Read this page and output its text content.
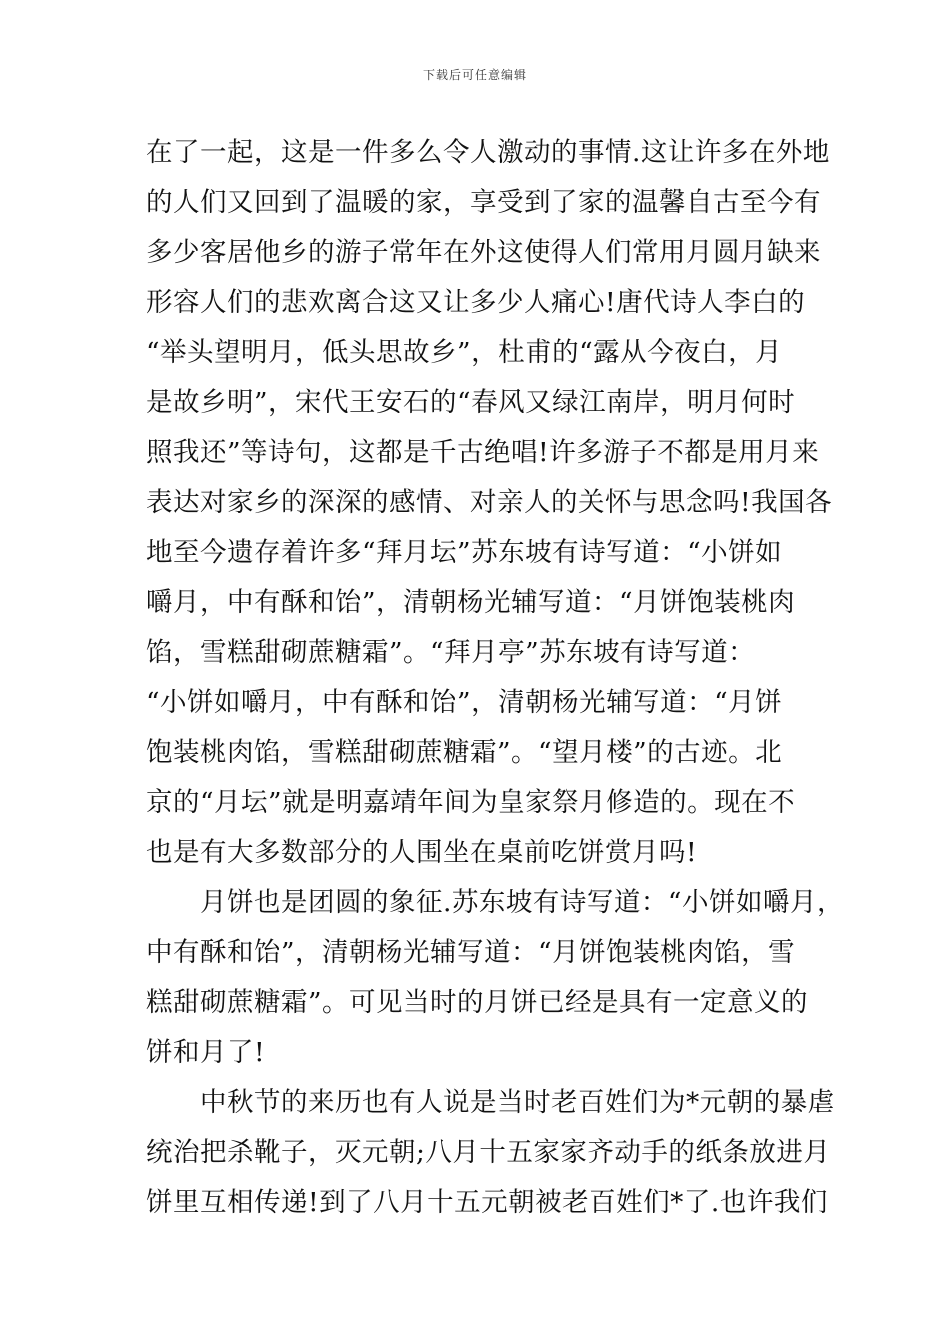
下载后可任意编辑
在了一起，这是一件多么令人激动的事情.这让许多在外地
的人们又回到了温暖的家，享受到了家的温馨自古至今有
多少客居他乡的游子常年在外这使得人们常用月圆月缺来
形容人们的悲欢离合这又让多少人痛心!唐代诗人李白的
“举头望明月，低头思故乡”，杜甫的“露从今夜白，月
是故乡明”，宋代王安石的“春风又绿江南岸，明月何时
照我还”等诗句，这都是千古绝唱!许多游子不都是用月来
表达对家乡的深深的感情、对亲人的关怀与思念吗!我国各
地至今遗存着许多“拜月坛”苏东坡有诗写道：“小饼如
嚼月，中有酥和饴”，清朝杨光辅写道：“月饼饱装桃肉
馅，雪糕甜砌蔗糖霜”。“拜月亭”苏东坡有诗写道：
“小饼如嚼月，中有酥和饴”，清朝杨光辅写道：“月饼
饱装桃肉馅，雪糕甜砌蔗糖霜”。“望月楼”的古迹。北
京的“月坛”就是明嘉靖年间为皇家祭月修造的。现在不
也是有大多数部分的人围坐在桌前吃饼赏月吗!
月饼也是团圆的象征.苏东坡有诗写道：“小饼如嚼月，
中有酥和饴”，清朝杨光辅写道：“月饼饱装桃肉馅，雪
糕甜砌蔗糖霜”。可见当时的月饼已经是具有一定意义的
饼和月了!
中秋节的来历也有人说是当时老百姓们为*元朝的暴虐
统治把杀靴子，灭元朝;八月十五家家齐动手的纸条放进月
饼里互相传递!到了八月十五元朝被老百姓们*了.也许我们
